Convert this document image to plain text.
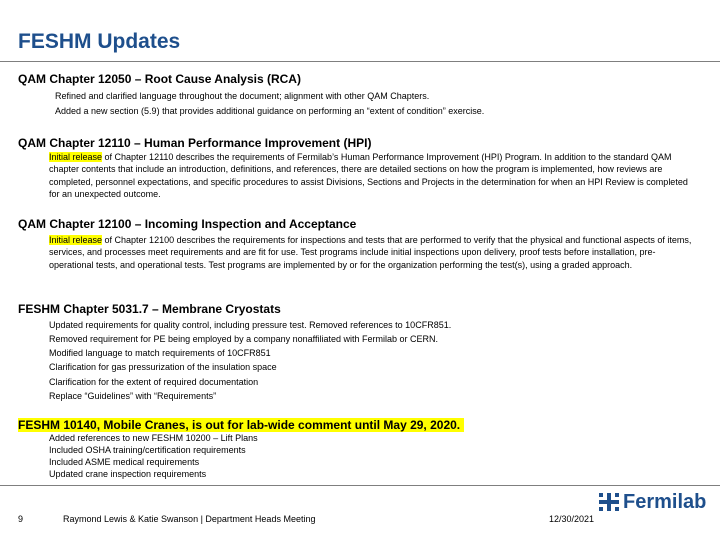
FESHM Updates
QAM Chapter 12050 – Root Cause Analysis (RCA)
Refined and clarified language throughout the document; alignment with other QAM Chapters.
Added a new section (5.9) that provides additional guidance on performing an “extent of condition” exercise.
QAM Chapter 12110 – Human Performance Improvement (HPI)
Initial release of Chapter 12110 describes the requirements of Fermilab’s Human Performance Improvement (HPI) Program. In addition to the standard QAM chapter contents that include an introduction, definitions, and references, there are detailed sections on how the program is implemented, how reviews are completed, personnel expectations, and specific procedures to assist Divisions, Sections and Projects in the determination for when an HPI Review is completed for an unexpected outcome.
QAM Chapter 12100 – Incoming Inspection and Acceptance
Initial release of Chapter 12100 describes the requirements for inspections and tests that are performed to verify that the physical and functional aspects of items, services, and processes meet requirements and are fit for use. Test programs include initial inspections upon delivery, proof tests before installation, pre-operational tests, and operational tests. Test programs are implemented by or for the organization performing the test(s), using a graded approach.
FESHM Chapter 5031.7 – Membrane Cryostats
Updated requirements for quality control, including pressure test. Removed references to 10CFR851.
Removed requirement for PE being employed by a company nonaffiliated with Fermilab or CERN.
Modified language to match requirements of 10CFR851
Clarification for gas pressurization of the insulation space
Clarification for the extent of required documentation
Replace “Guidelines” with “Requirements”
FESHM 10140, Mobile Cranes, is out for lab-wide comment until May 29, 2020.
Added references to new FESHM 10200 – Lift Plans
Included OSHA training/certification requirements
Included ASME medical requirements
Updated crane inspection requirements
9	Raymond Lewis & Katie Swanson | Department Heads Meeting	12/30/2021
Fermilab
